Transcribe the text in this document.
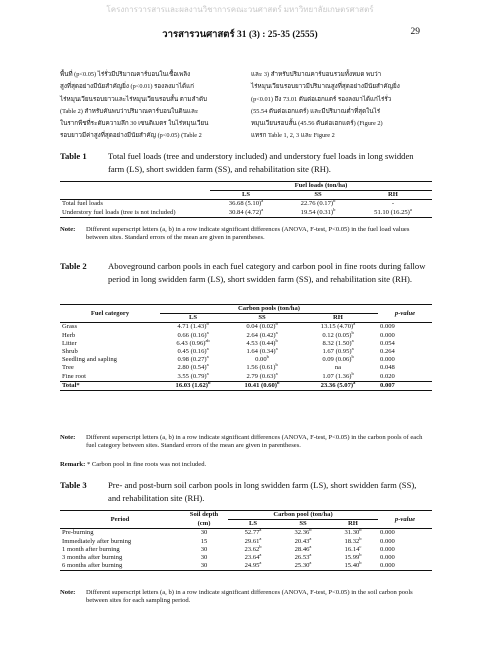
โครงการวารสารและผลงานวิชาการคณะวนศาสตร์ มหาวิทยาลัยเกษตรศาสตร์
วารสารวนศาสตร์ 31 (3) : 25-35 (2555)	29
พื้นที่ (p<0.05) ไร่รั่วมีปริมาณคาร์บอนในเชื้อเพลิง
สูงที่สุดอย่างมีนัยสำคัญยิ่ง (p<0.01) รองลงมาได้แก่
ไร่หมุนเวียนรอบยาวและไร่หมุนเวียนรอบสั้น ตามลำดับ
(Table 2) สำหรับคันพบว่าปริมาณคาร์บอนในดินและ
ในรากพืชที่ระดับความลึก 30 เซนติเมตร ในไร่หมุนเวียน
รอบยาวมีค่าสูงที่สุดอย่างมีนัยสำคัญ (p<0.05) (Table 2
และ 3) สำหรับปริมาณคาร์บอนรวมทั้งหมด พบว่า
ไร่หมุนเวียนรอบยาวมีปริมาณสูงที่สุดอย่างมีนัยสำคัญยิ่ง
(p<0.01) ถึง 73.01 ตันต่อเฮกแตร์ รองลงมาได้แก่ไร่รั่ว
(55.54 ตันต่อเฮกแตร์) และมีปริมาณต่ำที่สุดในไร่
หมุนเวียนรอบสั้น (45.56 ตันต่อเฮกแตร์) (Figure 2)
แทรก Table 1, 2, 3 และ Figure 2
Table 1 Total fuel loads (tree and understory included) and understory fuel loads in long swidden farm (LS), short swidden farm (SS), and rehabilitation site (RH).
	Fuel loads (ton/ha)		
	LS	SS	RH
Total fuel loads	36.68 $(5.10)^a$	22.76 $(0.17)^b$	-
Understory fuel loads (tree is not included)	30.84 $(4.72)^a$	19.54 $(0.31)^b$	51.10 $(16.25)^a$
Note: Different superscript letters (a, b) in a row indicate significant differences (ANOVA, F-test, P<0.05) in the fuel load values between sites. Standard errors of the mean are given in parentheses.
Table 2 Aboveground carbon pools in each fuel category and carbon pool in fine roots during fallow period in long swidden farm (LS), short swidden farm (SS), and rehabilitation site (RH).
Fuel category	Carbon pools (ton/ha)			p-value
	LS	SS	RH	
Grass	4.71 $(1.43)^b$	0.04 $(0.02)^b$	13.15 $(4.70)^a$	0.009
Herb	0.66 $(0.16)^a$	2.64 $(0.42)^a$	0.12 $(0.05)^b$	0.000
Litter	6.43 $(0.96)^{ab}$	4.53 $(0.44)^b$	8.32 $(1.50)^a$	0.054
Shrub	0.45 $(0.16)^a$	1.64 $(0.34)^a$	1.67 $(0.95)^a$	0.264
Seedling and sapling	0.98 $(0.27)^a$	0.00$^b$	0.09 $(0.06)^b$	0.000
Tree	2.80 $(0.54)^a$	1.56 $(0.61)^b$	na	0.048
Fine root	3.55 $(0.79)^a$	2.79 $(0.63)^a$	1.07 $(1.36)^b$	0.020
Total*	16.03 $(1.62)^b$	10.41 $(0.60)^b$	23.36 $(5.07)^a$	0.007
Note: Different superscript letters (a, b) in a row indicate significant differences (ANOVA, F-test, P<0.05) in the carbon pools of each fuel category between sites. Standard errors of the mean are given in parentheses.
Remark: * Carbon pool in fine roots was not included.
Table 3 Pre- and post-burn soil carbon pools in long swidden farm (LS), short swidden farm (SS), and rehabilitation site (RH).
Period	Soil depth	Carbon pool (ton/ha)			p-value
	(cm)	LS	SS	RH	
Pre-burning	30	52.77$^a$	32.36$^b$	31.30$^b$	0.000
Immediately after burning	15	29.61$^a$	20.43$^a$	18.32$^b$	0.000
1 month after burning	30	23.62$^b$	28.46$^a$	16.14$^c$	0.000
3 months after burning	30	23.64$^a$	26.53$^a$	15.99$^b$	0.000
6 months after burning	30	24.95$^a$	25.30$^a$	15.40$^b$	0.000
Note: Different superscript letters (a, b) in a row indicate significant differences (ANOVA, F-test, P<0.05) in the soil carbon pools between sites for each sampling period.
